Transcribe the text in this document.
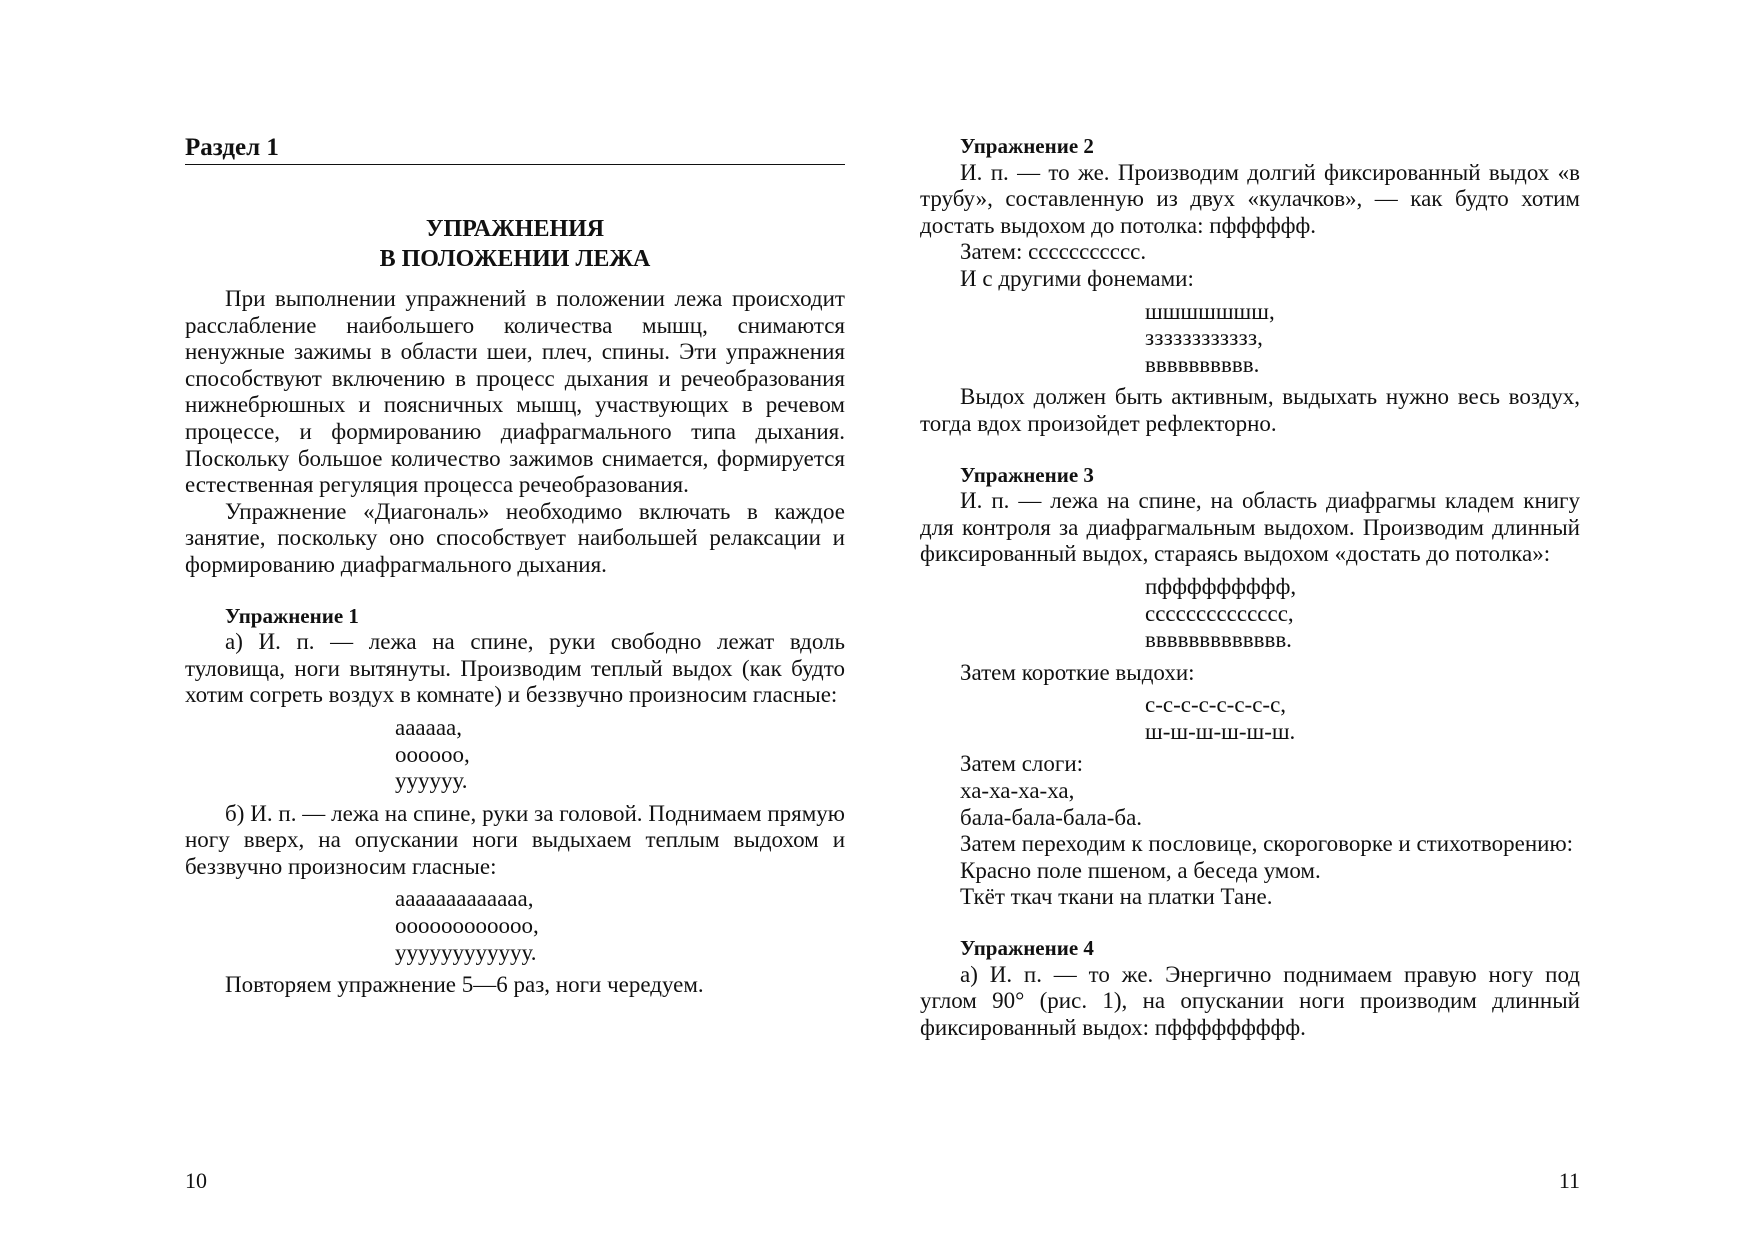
Раздел 1
УПРАЖНЕНИЯ
В ПОЛОЖЕНИИ ЛЕЖА

При выполнении упражнений в положении лежа происходит расслабление наибольшего количества мышц, снимаются ненужные зажимы в области шеи, плеч, спины. Эти упражнения способствуют включению в процесс дыхания и речеобразования нижнебрюшных и поясничных мышц, участвующих в речевом процессе, и формированию диафрагмального типа дыхания. Поскольку большое количество зажимов снимается, формируется естественная регуляция процесса речеобразования.

Упражнение «Диагональ» необходимо включать в каждое занятие, поскольку оно способствует наибольшей релаксации и формированию диафрагмального дыхания.

Упражнение 1

а) И. п. — лежа на спине, руки свободно лежат вдоль туловища, ноги вытянуты. Производим теплый выдох (как будто хотим согреть воздух в комнате) и беззвучно произносим гласные:

аааааа,
оооооо,
уууууу.

б) И. п. — лежа на спине, руки за головой. Поднимаем прямую ногу вверх, на опускании ноги выдыхаем теплым выдохом и беззвучно произносим гласные:

ааааааааааааа,
оооооооооооо,
уууууууууууу.

Повторяем упражнение 5—6 раз, ноги чередуем.

10
Упражнение 2

И. п. — то же. Производим долгий фиксированный выдох «в трубу», составленную из двух «кулачков», — как будто хотим достать выдохом до потолка: пфффффф.

Затем: ссссссссссс.

И с другими фонемами:

шшшшшшш,
зззззззззззз,
вввввввввв.

Выдох должен быть активным, выдыхать нужно весь воздух, тогда вдох произойдет рефлекторно.

Упражнение 3

И. п. — лежа на спине, на область диафрагмы кладем книгу для контроля за диафрагмальным выдохом. Производим длинный фиксированный выдох, стараясь выдохом «достать до потолка»:

пффффффффф,
сссссссссссссс,
ввввввввввввв.

Затем короткие выдохи:

с-с-с-с-с-с-с-с,
ш-ш-ш-ш-ш-ш.

Затем слоги:

ха-ха-ха-ха,

бала-бала-бала-ба.

Затем переходим к пословице, скороговорке и стихотворению:

Красно поле пшеном, а беседа умом.

Ткёт ткач ткани на платки Тане.

Упражнение 4

а) И. п. — то же. Энергично поднимаем правую ногу под углом 90° (рис. 1), на опускании ноги производим длинный фиксированный выдох: пффффффффф.

11
